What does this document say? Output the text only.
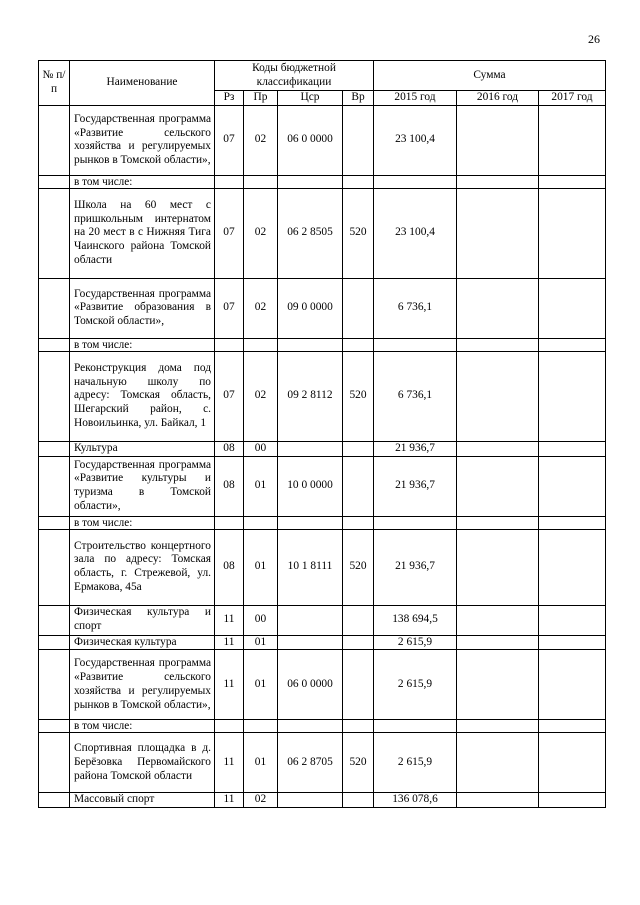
26
№ п/п	Наименование	Коды бюджетной классификации				Сумма		
		Рз	Пр	Цср	Вр	2015 год	2016 год	2017 год
	Государственная программа «Развитие сельского хозяйства и регулируемых рынков в Томской области»,	07	02	06 0 0000		23 100,4		
	в том числе:							
	Школа на 60 мест с пришкольным интернатом на 20 мест в с Нижняя Тига Чаинского района Томской области	07	02	06 2 8505	520	23 100,4		
	Государственная программа «Развитие образования в Томской области»,	07	02	09 0 0000		6 736,1		
	в том числе:							
	Реконструкция дома под начальную школу по адресу: Томская область, Шегарский район, с. Новоильинка, ул. Байкал, 1	07	02	09 2 8112	520	6 736,1		
	Культура	08	00			21 936,7		
	Государственная программа «Развитие культуры и туризма в Томской области»,	08	01	10 0 0000		21 936,7		
	в том числе:							
	Строительство концертного зала по адресу: Томская область, г. Стрежевой, ул. Ермакова, 45а	08	01	10 1 8111	520	21 936,7		
	Физическая культура и спорт	11	00			138 694,5		
	Физическая культура	11	01			2 615,9		
	Государственная программа «Развитие сельского хозяйства и регулируемых рынков в Томской области»,	11	01	06 0 0000		2 615,9		
	в том числе:							
	Спортивная площадка в д. Берёзовка Первомайского района Томской области	11	01	06 2 8705	520	2 615,9		
	Массовый спорт	11	02			136 078,6		
